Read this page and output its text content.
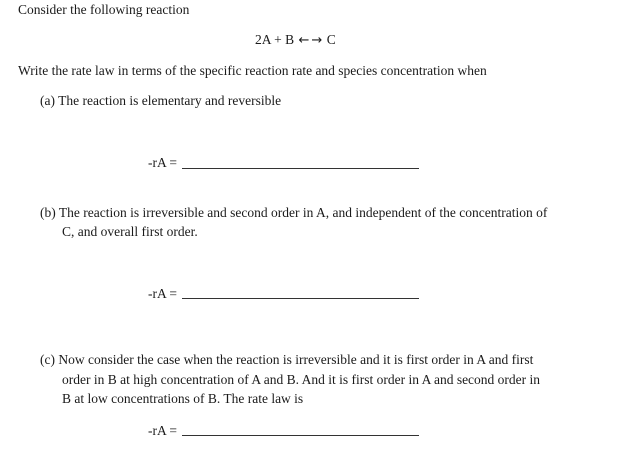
Consider the following reaction
2A + B ← → C
Write the rate law in terms of the specific reaction rate and species concentration when
(a) The reaction is elementary and reversible
-rA =
(b) The reaction is irreversible and second order in A, and independent of the concentration of
C, and overall first order.
-rA =
(c) Now consider the case when the reaction is irreversible and it is first order in A and first
order in B at high concentration of A and B. And it is first order in A and second order in
B at low concentrations of B. The rate law is
-rA =
